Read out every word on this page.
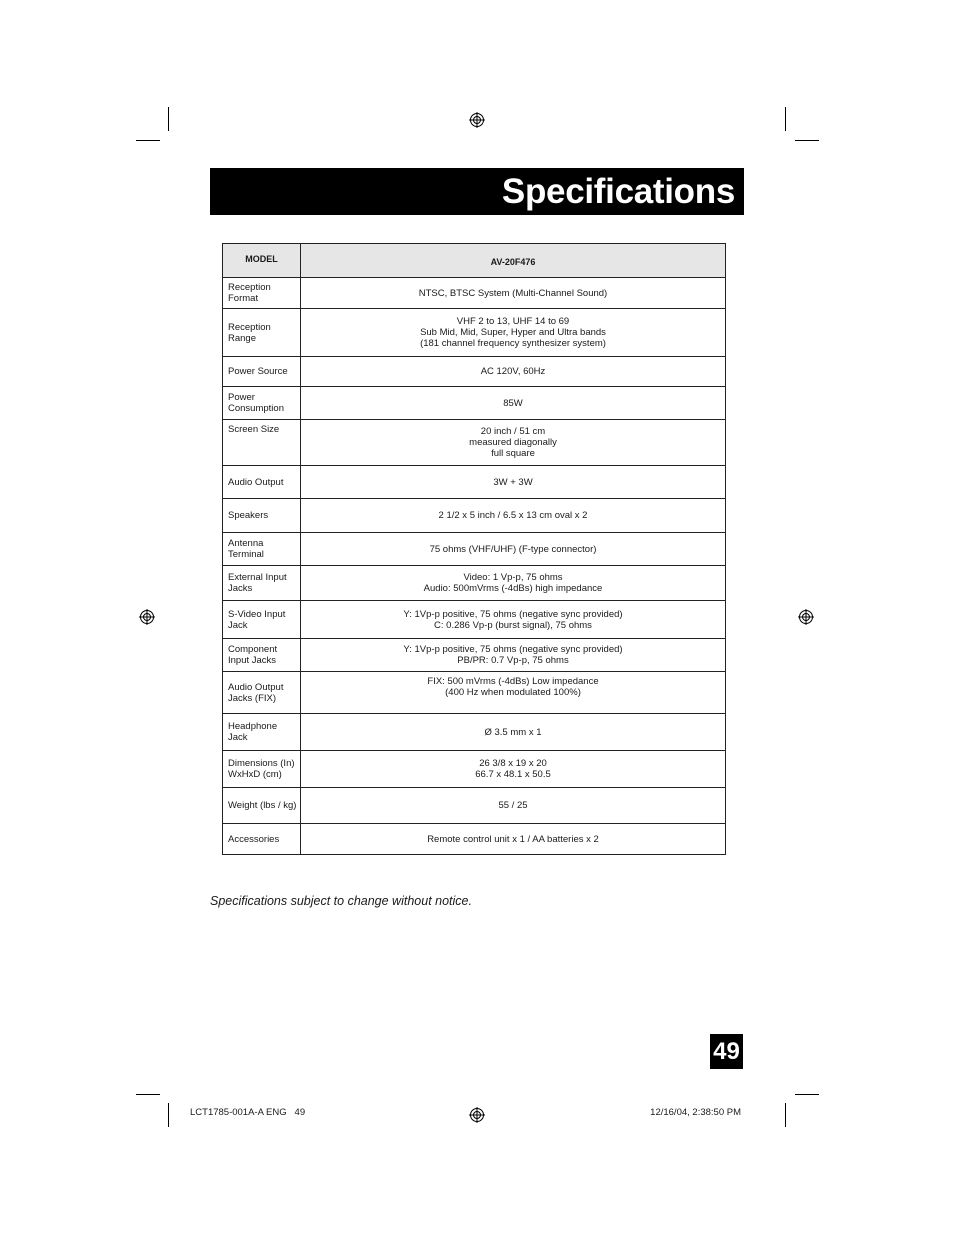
Specifications
MODEL	AV-20F476

Reception
Format	NTSC, BTSC System (Multi-Channel Sound)

Reception
Range	VHF 2 to 13, UHF 14 to 69
Sub Mid, Mid, Super, Hyper and Ultra bands
(181 channel frequency synthesizer system)

Power Source	AC 120V, 60Hz

Power
Consumption	85W

Screen Size	20 inch / 51 cm
measured diagonally
full square

Audio Output	3W + 3W

Speakers	2 1/2 x 5 inch / 6.5 x 13 cm oval x 2

Antenna
Terminal	75 ohms (VHF/UHF) (F-type connector)

External Input
Jacks	Video: 1 Vp-p, 75 ohms
Audio: 500mVrms (-4dBs) high impedance

S-Video Input
Jack	Y: 1Vp-p positive, 75 ohms (negative sync provided)
C: 0.286 Vp-p (burst signal), 75 ohms

Component
Input Jacks	Y: 1Vp-p positive, 75 ohms (negative sync provided)
PB/PR: 0.7 Vp-p, 75 ohms

Audio Output
Jacks (FIX)	FIX: 500 mVrms (-4dBs) Low impedance
(400 Hz when modulated 100%)

Headphone
Jack	Ø 3.5 mm x 1

Dimensions (In)
WxHxD (cm)	26 3/8 x 19 x 20
66.7 x 48.1 x 50.5

Weight (lbs / kg)	55 / 25

Accessories	Remote control unit x 1 / AA batteries x 2
Specifications subject to change without notice.
49
LCT1785-001A-A ENG   49	12/16/04, 2:38:50 PM
